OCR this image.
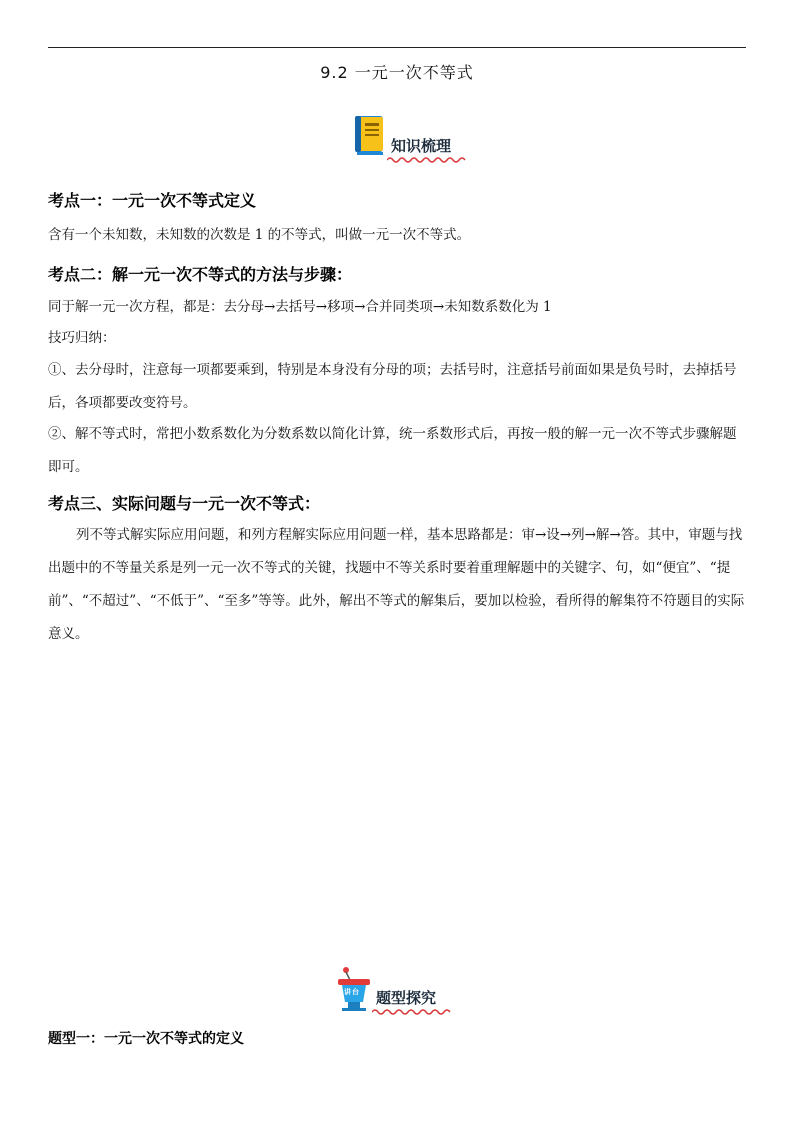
9.2 一元一次不等式
知识梳理
考点一：一元一次不等式定义
含有一个未知数，未知数的次数是 1 的不等式，叫做一元一次不等式。
考点二：解一元一次不等式的方法与步骤：
同于解一元一次方程，都是：去分母→去括号→移项→合并同类项→未知数系数化为 1
技巧归纳：
①、去分母时，注意每一项都要乘到，特别是本身没有分母的项；去括号时，注意括号前面如果是负号时，去掉括号后，各项都要改变符号。
②、解不等式时，常把小数系数化为分数系数以简化计算，统一系数形式后，再按一般的解一元一次不等式步骤解题即可。
考点三、实际问题与一元一次不等式：
列不等式解实际应用问题，和列方程解实际应用问题一样，基本思路都是：审→设→列→解→答。其中，审题与找出题中的不等量关系是列一元一次不等式的关键，找题中不等关系时要着重理解题中的关键字、句，如“便宜”、“提前”、“不超过”、“不低于”、“至多”等等。此外，解出不等式的解集后，要加以检验，看所得的解集符不符题目的实际意义。
讲台 题型探究
题型一：一元一次不等式的定义
